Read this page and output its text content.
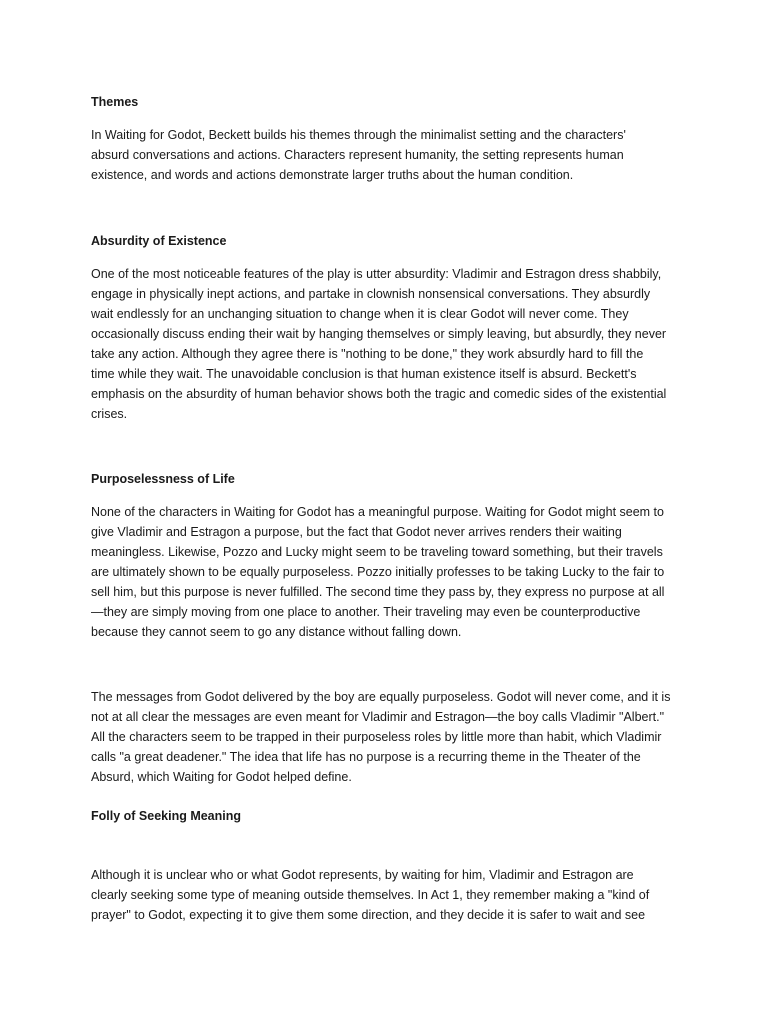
Themes

In Waiting for Godot, Beckett builds his themes through the minimalist setting and the characters'
absurd conversations and actions. Characters represent humanity, the setting represents human
existence, and words and actions demonstrate larger truths about the human condition.

Absurdity of Existence

One of the most noticeable features of the play is utter absurdity: Vladimir and Estragon dress shabbily,
engage in physically inept actions, and partake in clownish nonsensical conversations. They absurdly
wait endlessly for an unchanging situation to change when it is clear Godot will never come. They
occasionally discuss ending their wait by hanging themselves or simply leaving, but absurdly, they never
take any action. Although they agree there is "nothing to be done," they work absurdly hard to fill the
time while they wait. The unavoidable conclusion is that human existence itself is absurd. Beckett's
emphasis on the absurdity of human behavior shows both the tragic and comedic sides of the existential
crises.

Purposelessness of Life

None of the characters in Waiting for Godot has a meaningful purpose. Waiting for Godot might seem to
give Vladimir and Estragon a purpose, but the fact that Godot never arrives renders their waiting
meaningless. Likewise, Pozzo and Lucky might seem to be traveling toward something, but their travels
are ultimately shown to be equally purposeless. Pozzo initially professes to be taking Lucky to the fair to
sell him, but this purpose is never fulfilled. The second time they pass by, they express no purpose at all
—they are simply moving from one place to another. Their traveling may even be counterproductive
because they cannot seem to go any distance without falling down.

The messages from Godot delivered by the boy are equally purposeless. Godot will never come, and it is
not at all clear the messages are even meant for Vladimir and Estragon—the boy calls Vladimir "Albert."
All the characters seem to be trapped in their purposeless roles by little more than habit, which Vladimir
calls "a great deadener." The idea that life has no purpose is a recurring theme in the Theater of the
Absurd, which Waiting for Godot helped define.

Folly of Seeking Meaning

Although it is unclear who or what Godot represents, by waiting for him, Vladimir and Estragon are
clearly seeking some type of meaning outside themselves. In Act 1, they remember making a "kind of
prayer" to Godot, expecting it to give them some direction, and they decide it is safer to wait and see
